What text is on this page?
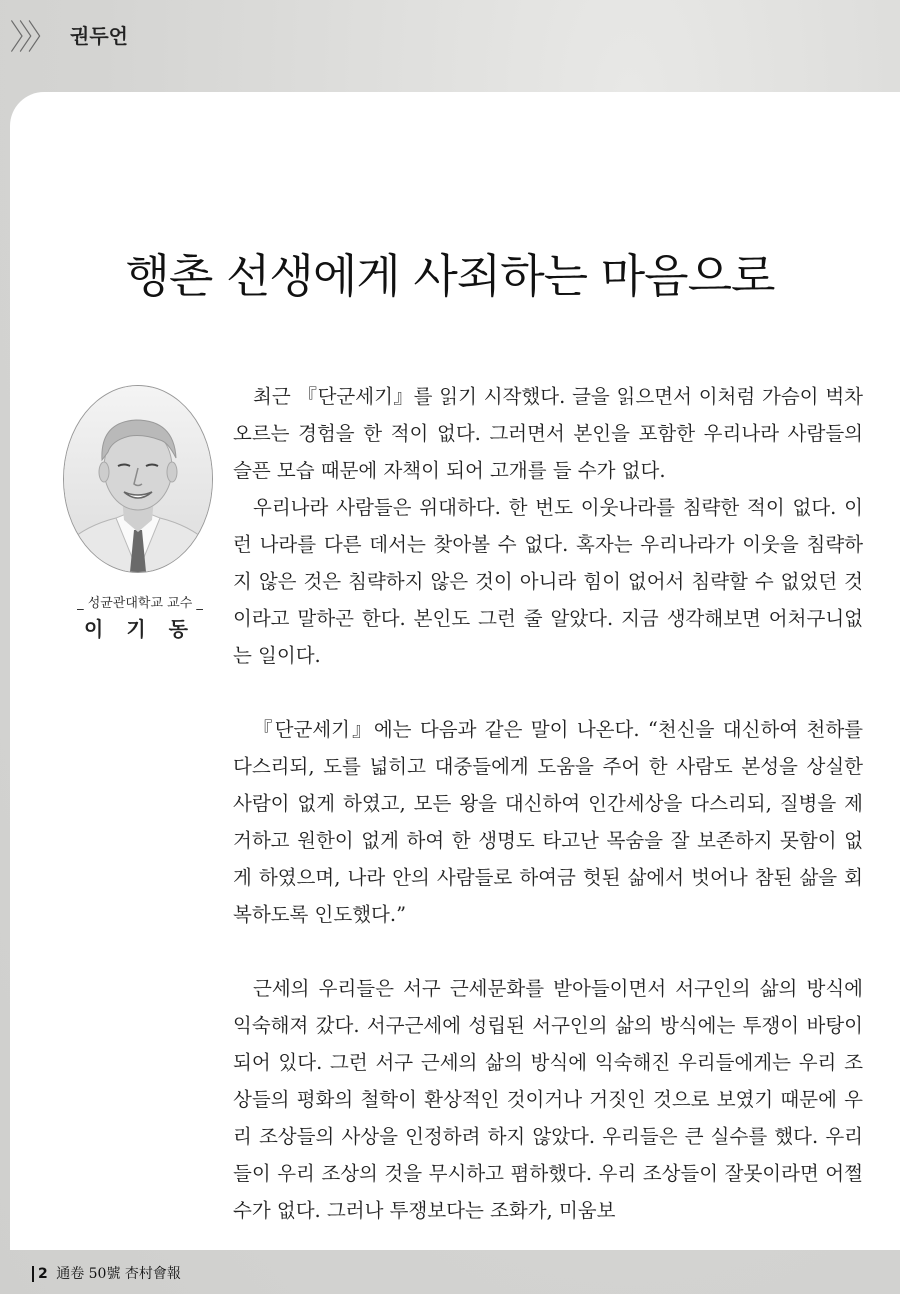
〉〉〉 권두언
행촌 선생에게 사죄하는 마음으로
_ 성균관대학교 교수 _
이 기 동

최근 『단군세기』를 읽기 시작했다. 글을 읽으면서 이처럼 가슴이 벅차오르는 경험을 한 적이 없다. 그러면서 본인을 포함한 우리나라 사람들의 슬픈 모습 때문에 자책이 되어 고개를 들 수가 없다.

우리나라 사람들은 위대하다. 한 번도 이웃나라를 침략한 적이 없다. 이런 나라를 다른 데서는 찾아볼 수 없다. 혹자는 우리나라가 이웃을 침략하지 않은 것은 침략하지 않은 것이 아니라 힘이 없어서 침략할 수 없었던 것이라고 말하곤 한다. 본인도 그런 줄 알았다. 지금 생각해보면 어처구니없는 일이다.

『단군세기』에는 다음과 같은 말이 나온다. “천신을 대신하여 천하를 다스리되, 도를 넓히고 대중들에게 도움을 주어 한 사람도 본성을 상실한 사람이 없게 하였고, 모든 왕을 대신하여 인간세상을 다스리되, 질병을 제거하고 원한이 없게 하여 한 생명도 타고난 목숨을 잘 보존하지 못함이 없게 하였으며, 나라 안의 사람들로 하여금 헛된 삶에서 벗어나 참된 삶을 회복하도록 인도했다.”

근세의 우리들은 서구 근세문화를 받아들이면서 서구인의 삶의 방식에 익숙해져 갔다. 서구근세에 성립된 서구인의 삶의 방식에는 투쟁이 바탕이 되어 있다. 그런 서구 근세의 삶의 방식에 익숙해진 우리들에게는 우리 조상들의 평화의 철학이 환상적인 것이거나 거짓인 것으로 보였기 때문에 우리 조상들의 사상을 인정하려 하지 않았다. 우리들은 큰 실수를 했다. 우리들이 우리 조상의 것을 무시하고 폄하했다. 우리 조상들이 잘못이라면 어쩔 수가 없다. 그러나 투쟁보다는 조화가, 미움보

2 通卷 50號 杏村會報
